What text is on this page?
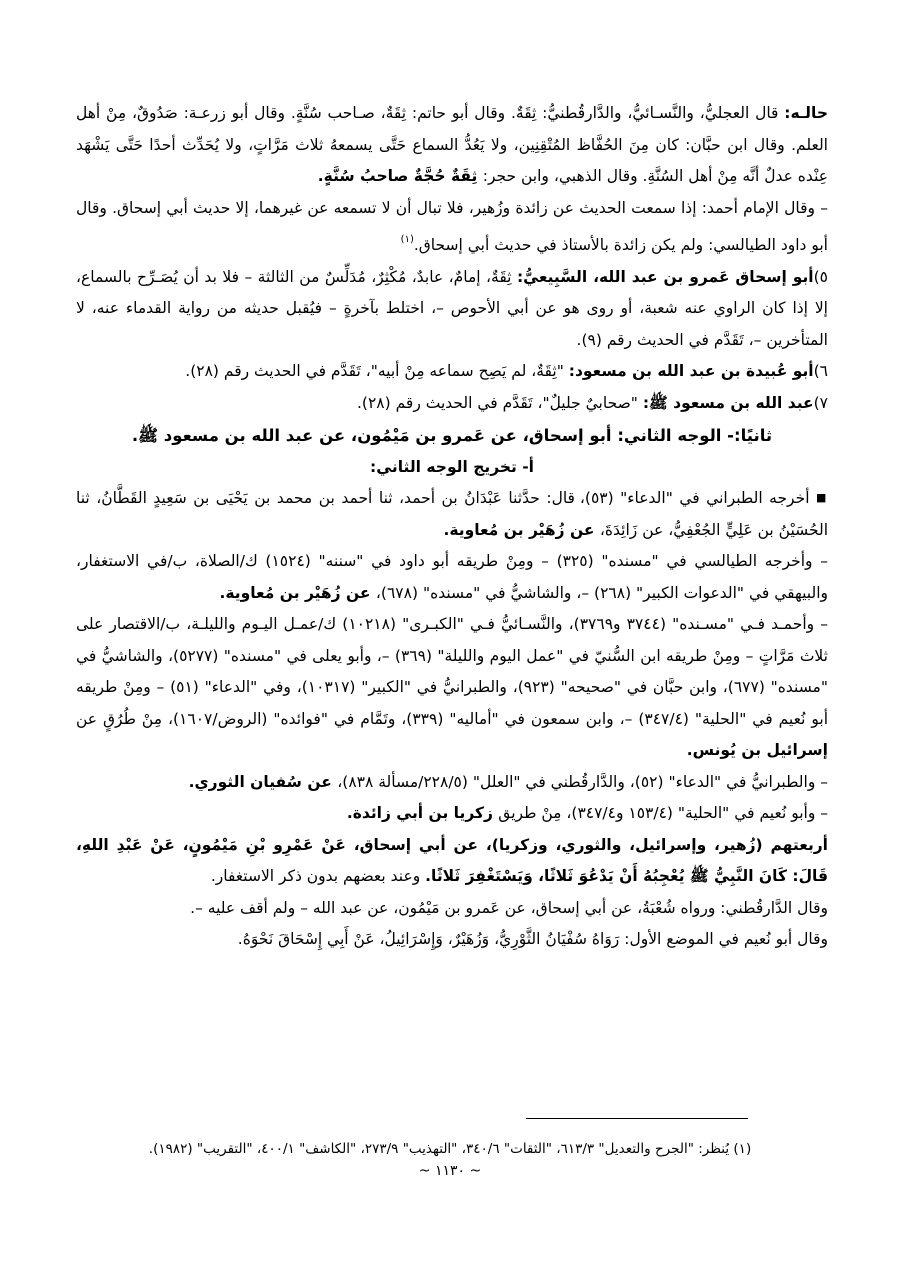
حالـه: قال العجليُّ، والنَّسـائيُّ، والدَّارقُطنيُّ: ثِقَةٌ. وقال أبو حاتم: ثِقَةٌ، صـاحب سُنَّةٍ. وقال أبو زرعـة: صَدُوقٌ، مِنْ أهل العلم. وقال ابن حبَّان: كان مِنَ الحُفَّاظ المُتْقِنِين، ولا يَعُدُّ السماع حَتَّى يسمعهُ ثلاث مَرَّاتٍ، ولا يُحَدِّث أحدًا حَتَّى يَشْهَد عِنْده عدلٌ أنَّه مِنْ أهل السُنَّةِ. وقال الذهبي، وابن حجر: ثِقَةٌ حُجَّةٌ صاحبُ سُنَّةٍ.

– وقال الإمام أحمد: إذا سمعت الحديث عن زائدة وزُهير، فلا تبال أن لا تسمعه عن غيرهما، إلا حديث أبي إسحاق. وقال أبو داود الطيالسي: ولم يكن زائدة بالأستاذ في حديث أبي إسحاق.$^{(١)}$

٥)أبو إسحاق عَمرو بن عبد الله، السَّبِيعيُّ: ثِقَةٌ، إمامٌ، عابدٌ، مُكْثِرٌ، مُدَلِّسٌ من الثالثة – فلا بد أن يُصَـرِّح بالسماع، إلا إذا كان الراوي عنه شعبة، أو روى هو عن أبي الأحوص –، اختلط بآخرةٍ – فيُقبل حديثه من رواية القدماء عنه، لا المتأخرين –، تَقَدَّم في الحديث رقم (٩).

٦)أبو عُبيدة بن عبد الله بن مسعود: "ثِقَةٌ، لم يَصِح سماعه مِنْ أبيه"، تَقَدَّم في الحديث رقم (٢٨).

٧)عبد الله بن مسعود ﷺ: "صحابيٌ جليلٌ"، تَقَدَّم في الحديث رقم (٢٨).

ثانيًا:- الوجه الثاني: أبو إسحاق، عن عَمرو بن مَيْمُون، عن عبد الله بن مسعود ﷺ.

أ- تخريج الوجه الثاني:

■ أخرجه الطبراني في "الدعاء" (٥٣)، قال: حدَّثنا عَبْدَانُ بن أحمد، ثنا أحمد بن محمد بن يَحْيَى بن سَعِيدٍ القَطَّانُ، ثنا الحُسَيْنُ بن عَلِيٍّ الجُعْفِيُّ، عن زَائِدَةَ، عن زُهَيْر بن مُعاوية.

– وأخرجه الطيالسي في "مسنده" (٣٢٥) – ومِنْ طريقه أبو داود في "سننه" (١٥٢٤) ك/الصلاة، ب/في الاستغفار، والبيهقي في "الدعوات الكبير" (٢٦٨) –، والشاشيُّ في "مسنده" (٦٧٨)، عن زُهَيْر بن مُعاوية.

– وأحمـد فـي "مسـنده" (٣٧٤٤ و٣٧٦٩)، والنَّسـائيُّ فـي "الكبـرى" (١٠٢١٨) ك/عمـل اليـوم والليلـة، ب/الاقتصار على ثلاث مَرَّاتٍ – ومِنْ طريقه ابن السُّنيّ في "عمل اليوم والليلة" (٣٦٩) –، وأبو يعلى في "مسنده" (٥٢٧٧)، والشاشيُّ في "مسنده" (٦٧٧)، وابن حبَّان في "صحيحه" (٩٢٣)، والطبرانيُّ في "الكبير" (١٠٣١٧)، وفي "الدعاء" (٥١) – ومِنْ طريقه أبو نُعيم في "الحلية" (٣٤٧/٤) –، وابن سمعون في "أماليه" (٣٣٩)، وتَمَّام في "فوائده" (الروض/١٦٠٧)، مِنْ طُرُقٍ عن إسرائيل بن يُونس.

– والطبرانيُّ في "الدعاء" (٥٢)، والدَّارقُطني في "العلل" (٢٢٨/٥/مسألة ٨٣٨)، عن سُفيان الثوري.

– وأبو نُعيم في "الحلية" (١٥٣/٤ و٣٤٧/٤)، مِنْ طريق زكريا بن أبي زائدة.

أربعتهم (زُهير، وإسرائيل، والثوري، وزكريا)، عن أبي إسحاق، عَنْ عَمْرِو بْنِ مَيْمُونٍ، عَنْ عَبْدِ اللهِ، قَالَ: كَانَ النَّبِيُّ ﷺ يُعْجِبُهُ أَنْ يَدْعُوَ ثَلاثًا، وَيَسْتَغْفِرَ ثَلاثًا. وعند بعضهم بدون ذكر الاستغفار.

وقال الدَّارقُطني: ورواه شُعْبَةُ، عن أبي إسحاق، عن عَمرو بن مَيْمُون، عن عبد الله – ولم أقف عليه –.

وقال أبو نُعيم في الموضع الأول: رَوَاهُ سُفْيَانُ الثَّوْرِيُّ، وَزُهَيْرٌ، وَإِسْرَائِيلُ، عَنْ أَبِي إِسْحَاقَ نَحْوَهُ.

(١) يُنظر: "الجرح والتعديل" ٦١٣/٣، "الثقات" ٣٤٠/٦، "التهذيب" ٢٧٣/٩، "الكاشف" ٤٠٠/١، "التقريب" (١٩٨٢).

~ ١١٣٠ ~
